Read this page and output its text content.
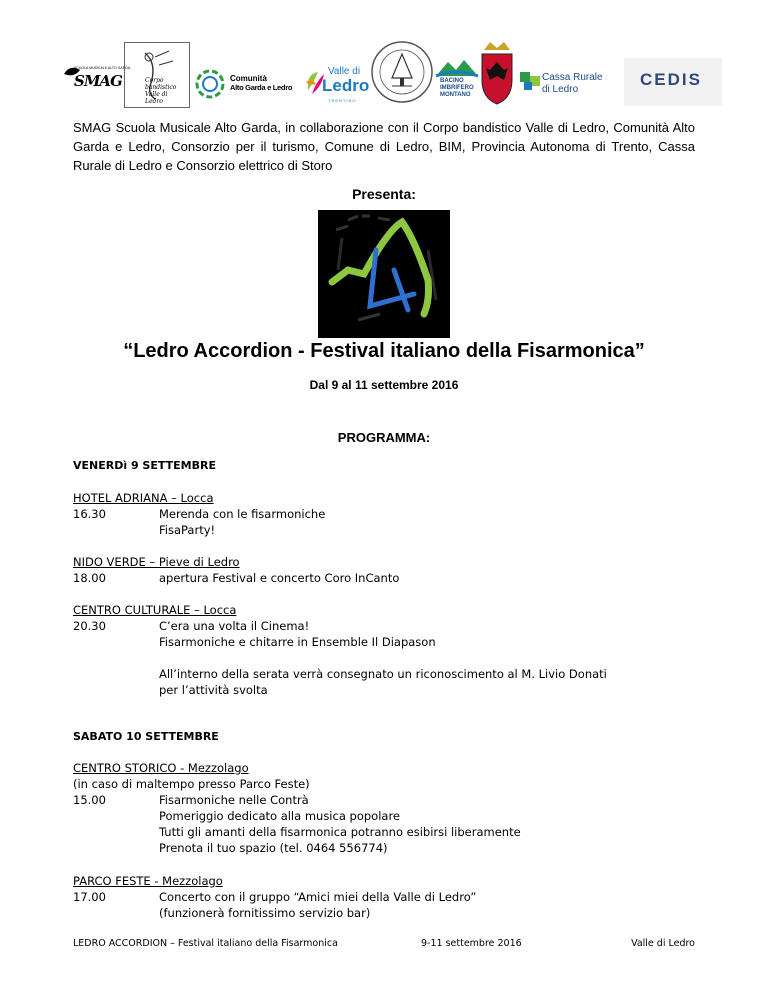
SCUOLA MUSICALE ALTO GARDA
SMAG	Corpo bandistico Valle di Ledro
Comunità
Alto Garda e Ledro
Valle di
Ledro
TRENTINO
BACINO
IMBRIFERO
MONTANO
Cassa Rurale
di Ledro
CEDIS
SMAG Scuola Musicale Alto Garda, in collaborazione con il Corpo bandistico Valle di Ledro, Comunità Alto Garda e Ledro, Consorzio per il turismo, Comune di Ledro, BIM, Provincia Autonoma di Trento, Cassa Rurale di Ledro e Consorzio elettrico di Storo
Presenta:
“Ledro Accordion - Festival italiano della Fisarmonica”
Dal 9 al 11 settembre 2016
PROGRAMMA:
VENERDì 9 SETTEMBRE
HOTEL ADRIANA – Locca
16.30	Merenda con le fisarmoniche
FisaParty!
NIDO VERDE – Pieve di Ledro
18.00	apertura Festival e concerto Coro InCanto
CENTRO CULTURALE – Locca
20.30	C’era una volta il Cinema!
Fisarmoniche e chitarre in Ensemble Il Diapason
All’interno della serata verrà consegnato un riconoscimento al M. Livio Donati per l’attività svolta
SABATO 10 SETTEMBRE
CENTRO STORICO - Mezzolago
(in caso di maltempo presso Parco Feste)
15.00	Fisarmoniche nelle Contrà
Pomeriggio dedicato alla musica popolare
Tutti gli amanti della fisarmonica potranno esibirsi liberamente
Prenota il tuo spazio (tel. 0464 556774)
PARCO FESTE - Mezzolago
17.00	Concerto con il gruppo “Amici miei della Valle di Ledro”
(funzionerà fornitissimo servizio bar)
LEDRO ACCORDION – Festival italiano della Fisarmonica	9-11 settembre 2016	Valle di Ledro
